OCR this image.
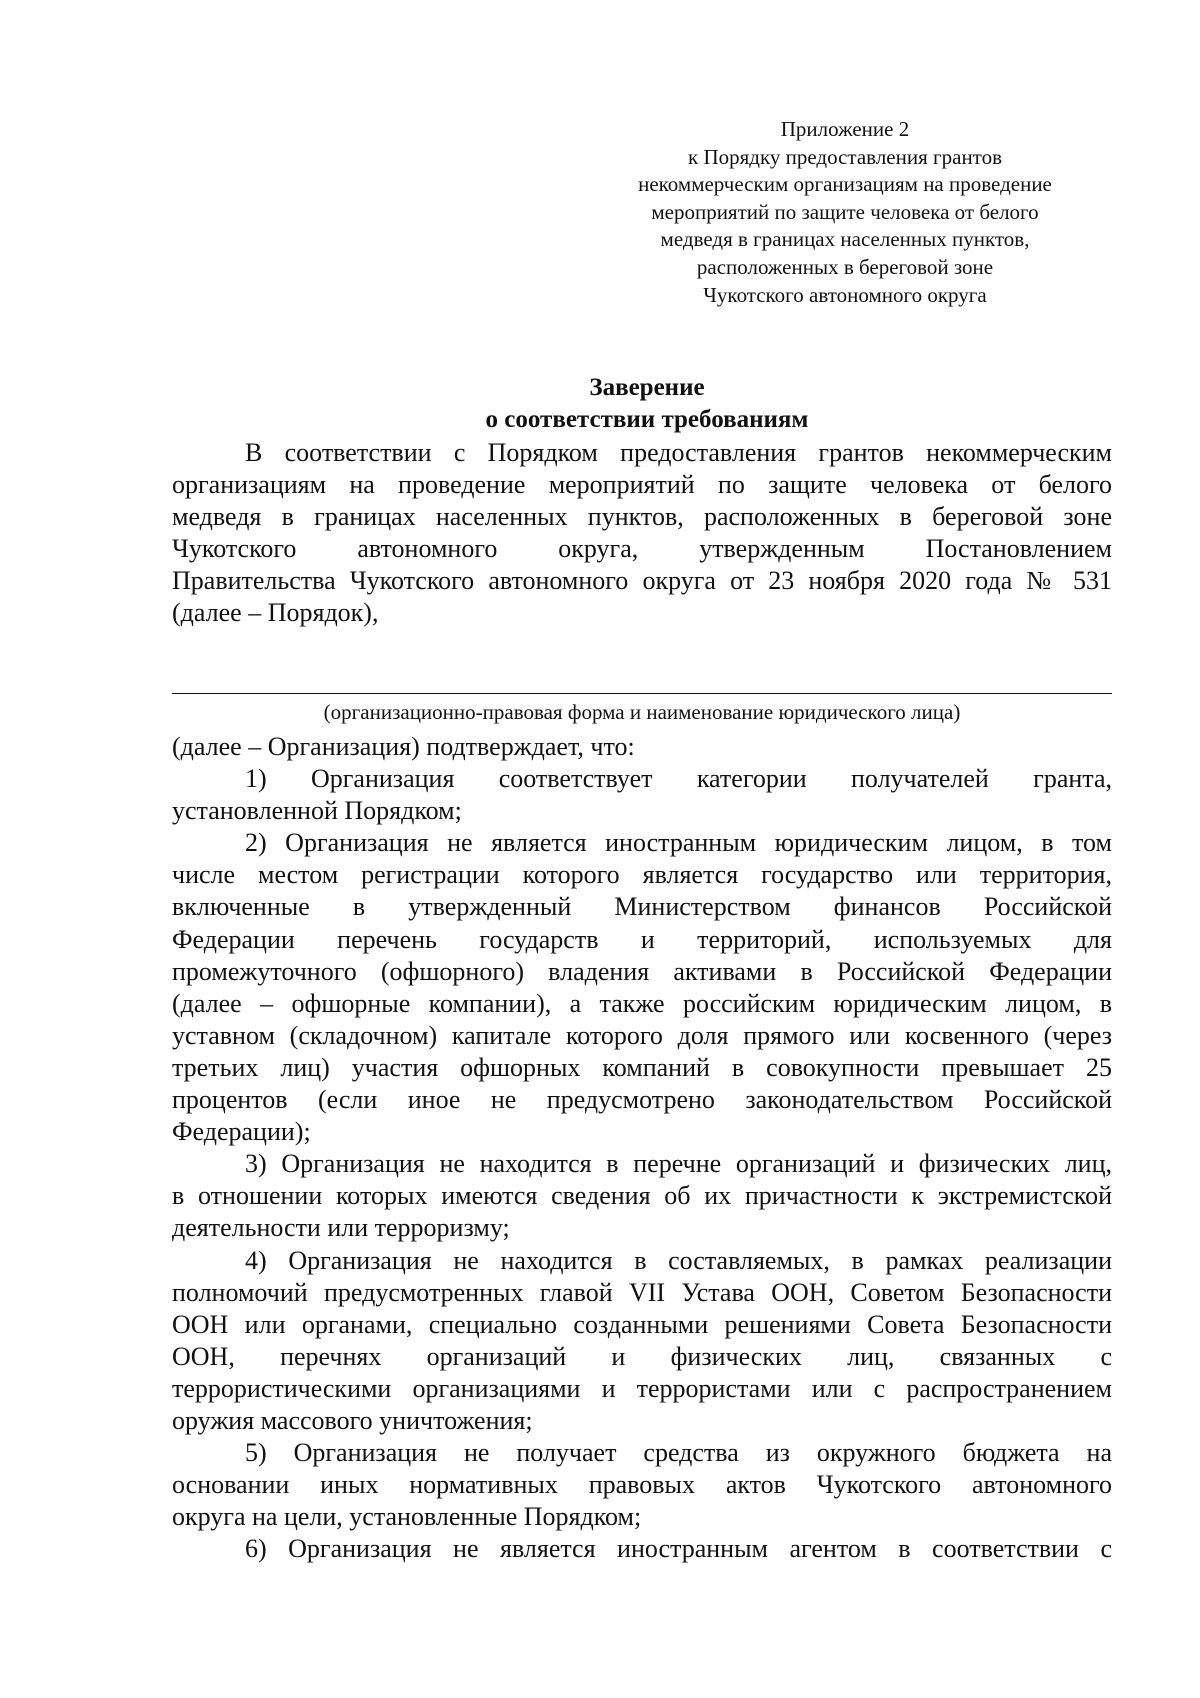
Приложение 2
к Порядку предоставления грантов
некоммерческим организациям на проведение
мероприятий по защите человека от белого
медведя в границах населенных пунктов,
расположенных в береговой зоне
Чукотского автономного округа
Заверение
о соответствии требованиям
В соответствии с Порядком предоставления грантов некоммерческим
организациям на проведение мероприятий по защите человека от белого
медведя в границах населенных пунктов, расположенных в береговой зоне
Чукотского автономного округа, утвержденным Постановлением
Правительства Чукотского автономного округа от 23 ноября 2020 года № 531
(далее – Порядок),
(организационно-правовая форма и наименование юридического лица)
(далее – Организация) подтверждает, что:
1) Организация соответствует категории получателей гранта,
установленной Порядком;
2) Организация не является иностранным юридическим лицом, в том
числе местом регистрации которого является государство или территория,
включенные в утвержденный Министерством финансов Российской
Федерации перечень государств и территорий, используемых для
промежуточного (офшорного) владения активами в Российской Федерации
(далее – офшорные компании), а также российским юридическим лицом, в
уставном (складочном) капитале которого доля прямого или косвенного (через
третьих лиц) участия офшорных компаний в совокупности превышает 25
процентов (если иное не предусмотрено законодательством Российской
Федерации);
3) Организация не находится в перечне организаций и физических лиц,
в отношении которых имеются сведения об их причастности к экстремистской
деятельности или терроризму;
4) Организация не находится в составляемых, в рамках реализации
полномочий предусмотренных главой VII Устава ООН, Советом Безопасности
ООН или органами, специально созданными решениями Совета Безопасности
ООН, перечнях организаций и физических лиц, связанных с
террористическими организациями и террористами или с распространением
оружия массового уничтожения;
5) Организация не получает средства из окружного бюджета на
основании иных нормативных правовых актов Чукотского автономного
округа на цели, установленные Порядком;
6) Организация не является иностранным агентом в соответствии с
